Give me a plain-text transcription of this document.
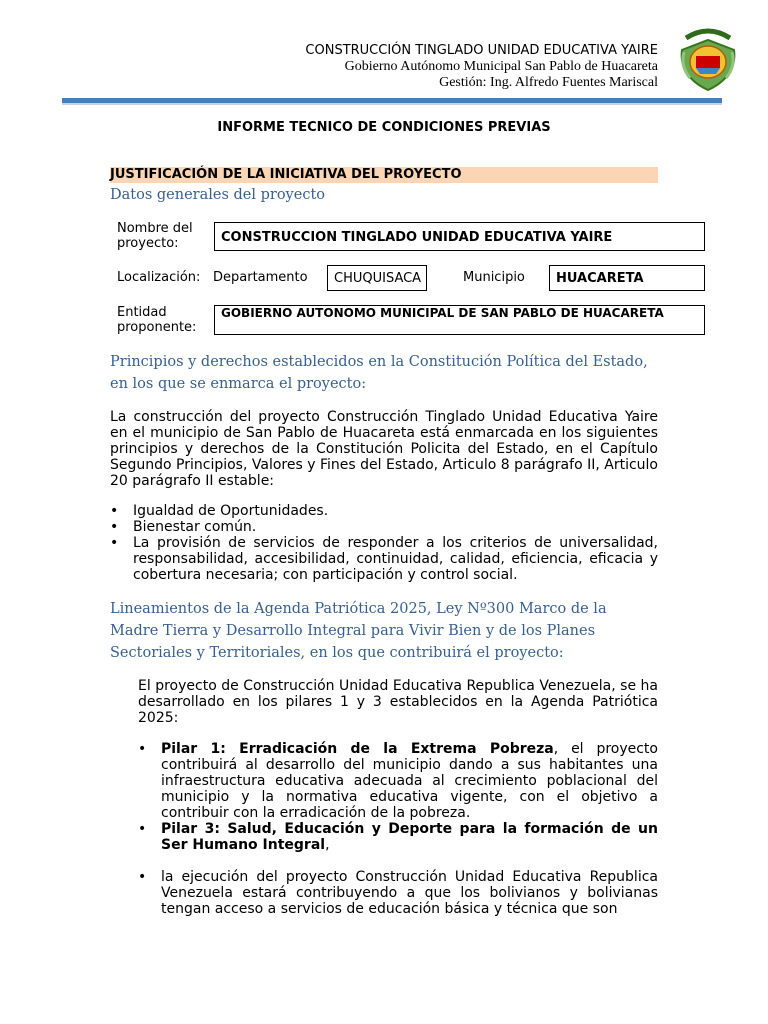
CONSTRUCCIÓN TINGLADO UNIDAD EDUCATIVA YAIRE
Gobierno Autónomo Municipal San Pablo de Huacareta
Gestión: Ing. Alfredo Fuentes Mariscal
INFORME TECNICO DE CONDICIONES PREVIAS
JUSTIFICACIÓN DE LA INICIATIVA DEL PROYECTO
Datos generales del proyecto
Nombre del proyecto:	CONSTRUCCION TINGLADO UNIDAD EDUCATIVA YAIRE
Localización: Departamento	CHUQUISACA	Municipio	HUACARETA
Entidad proponente:
GOBIERNO AUTONOMO MUNICIPAL DE SAN PABLO DE HUACARETA
Principios y derechos establecidos en la Constitución Política del Estado, en los que se enmarca el proyecto:
La construcción del proyecto Construcción Tinglado Unidad Educativa Yaire en el municipio de San Pablo de Huacareta está enmarcada en los siguientes principios y derechos de la Constitución Policita del Estado, en el Capítulo Segundo Principios, Valores y Fines del Estado, Articulo 8 parágrafo II, Articulo 20 parágrafo II estable:
• Igualdad de Oportunidades.
• Bienestar común.
• La provisión de servicios de responder a los criterios de universalidad, responsabilidad, accesibilidad, continuidad, calidad, eficiencia, eficacia y cobertura necesaria; con participación y control social.
Lineamientos de la Agenda Patriótica 2025, Ley Nº300 Marco de la Madre Tierra y Desarrollo Integral para Vivir Bien y de los Planes Sectoriales y Territoriales, en los que contribuirá el proyecto:
El proyecto de Construcción Unidad Educativa Republica Venezuela, se ha desarrollado en los pilares 1 y 3 establecidos en la Agenda Patriótica 2025:
• Pilar 1: Erradicación de la Extrema Pobreza, el proyecto contribuirá al desarrollo del municipio dando a sus habitantes una infraestructura educativa adecuada al crecimiento poblacional del municipio y la normativa educativa vigente, con el objetivo a contribuir con la erradicación de la pobreza.
• Pilar 3: Salud, Educación y Deporte para la formación de un Ser Humano Integral,
• la ejecución del proyecto Construcción Unidad Educativa Republica Venezuela estará contribuyendo a que los bolivianos y bolivianas tengan acceso a servicios de educación básica y técnica que son
